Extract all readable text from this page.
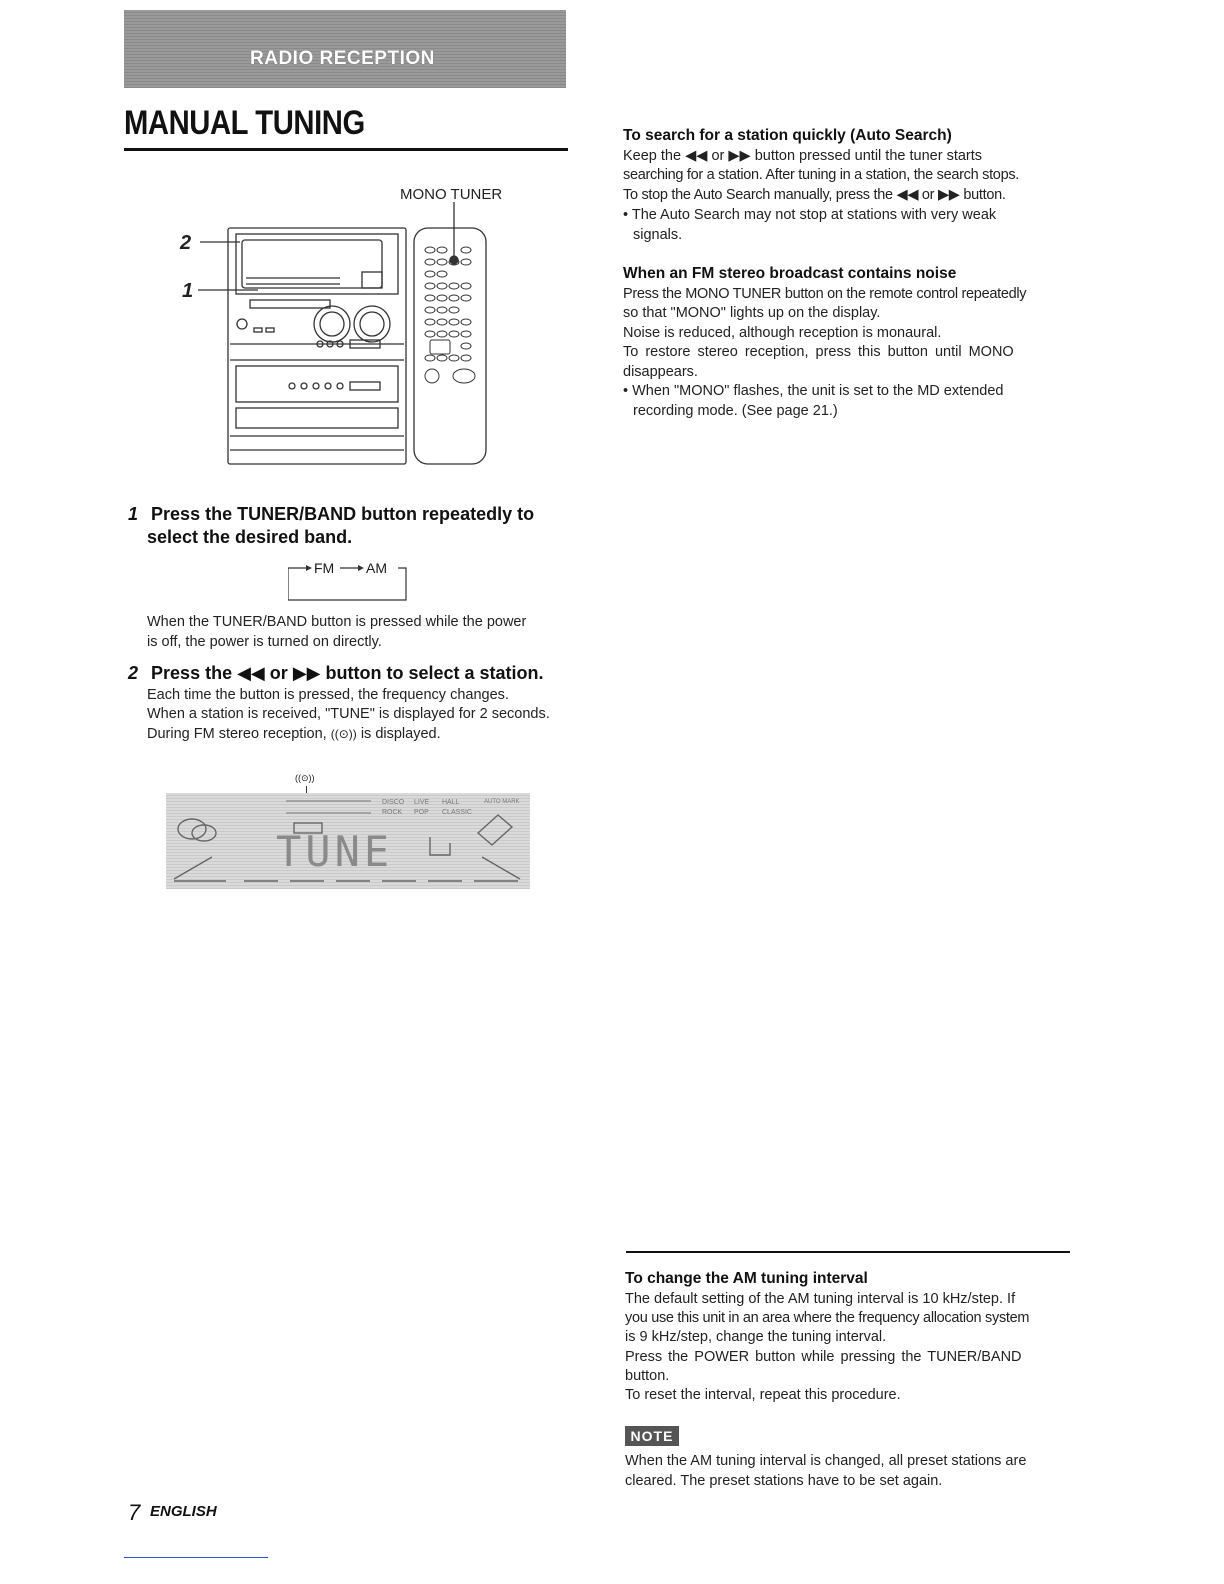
RADIO RECEPTION
MANUAL TUNING
MONO TUNER
2
1
1 Press the TUNER/BAND button repeatedly to
select the desired band.
FM AM
When the TUNER/BAND button is pressed while the power
is off, the power is turned on directly.
2 Press the ◀◀ or ▶▶ button to select a station.
Each time the button is pressed, the frequency changes.
When a station is received, "TUNE" is displayed for 2 seconds.
During FM stereo reception, ((⊙)) is displayed.
((⊙))
TUNE
DISCO LIVE HALL	AUTO MARK
ROCK POP CLASSIC
To search for a station quickly (Auto Search)
Keep the ◀◀ or ▶▶ button pressed until the tuner starts
searching for a station. After tuning in a station, the search stops.
To stop the Auto Search manually, press the ◀◀ or ▶▶ button.
• The Auto Search may not stop at stations with very weak
signals.
When an FM stereo broadcast contains noise
Press the MONO TUNER button on the remote control repeatedly
so that "MONO" lights up on the display.
Noise is reduced, although reception is monaural.
To restore stereo reception, press this button until MONO
disappears.
• When "MONO" flashes, the unit is set to the MD extended
recording mode. (See page 21.)
To change the AM tuning interval
The default setting of the AM tuning interval is 10 kHz/step. If
you use this unit in an area where the frequency allocation system
is 9 kHz/step, change the tuning interval.
Press the POWER button while pressing the TUNER/BAND
button.
To reset the interval, repeat this procedure.
NOTE
When the AM tuning interval is changed, all preset stations are
cleared. The preset stations have to be set again.
7 ENGLISH
